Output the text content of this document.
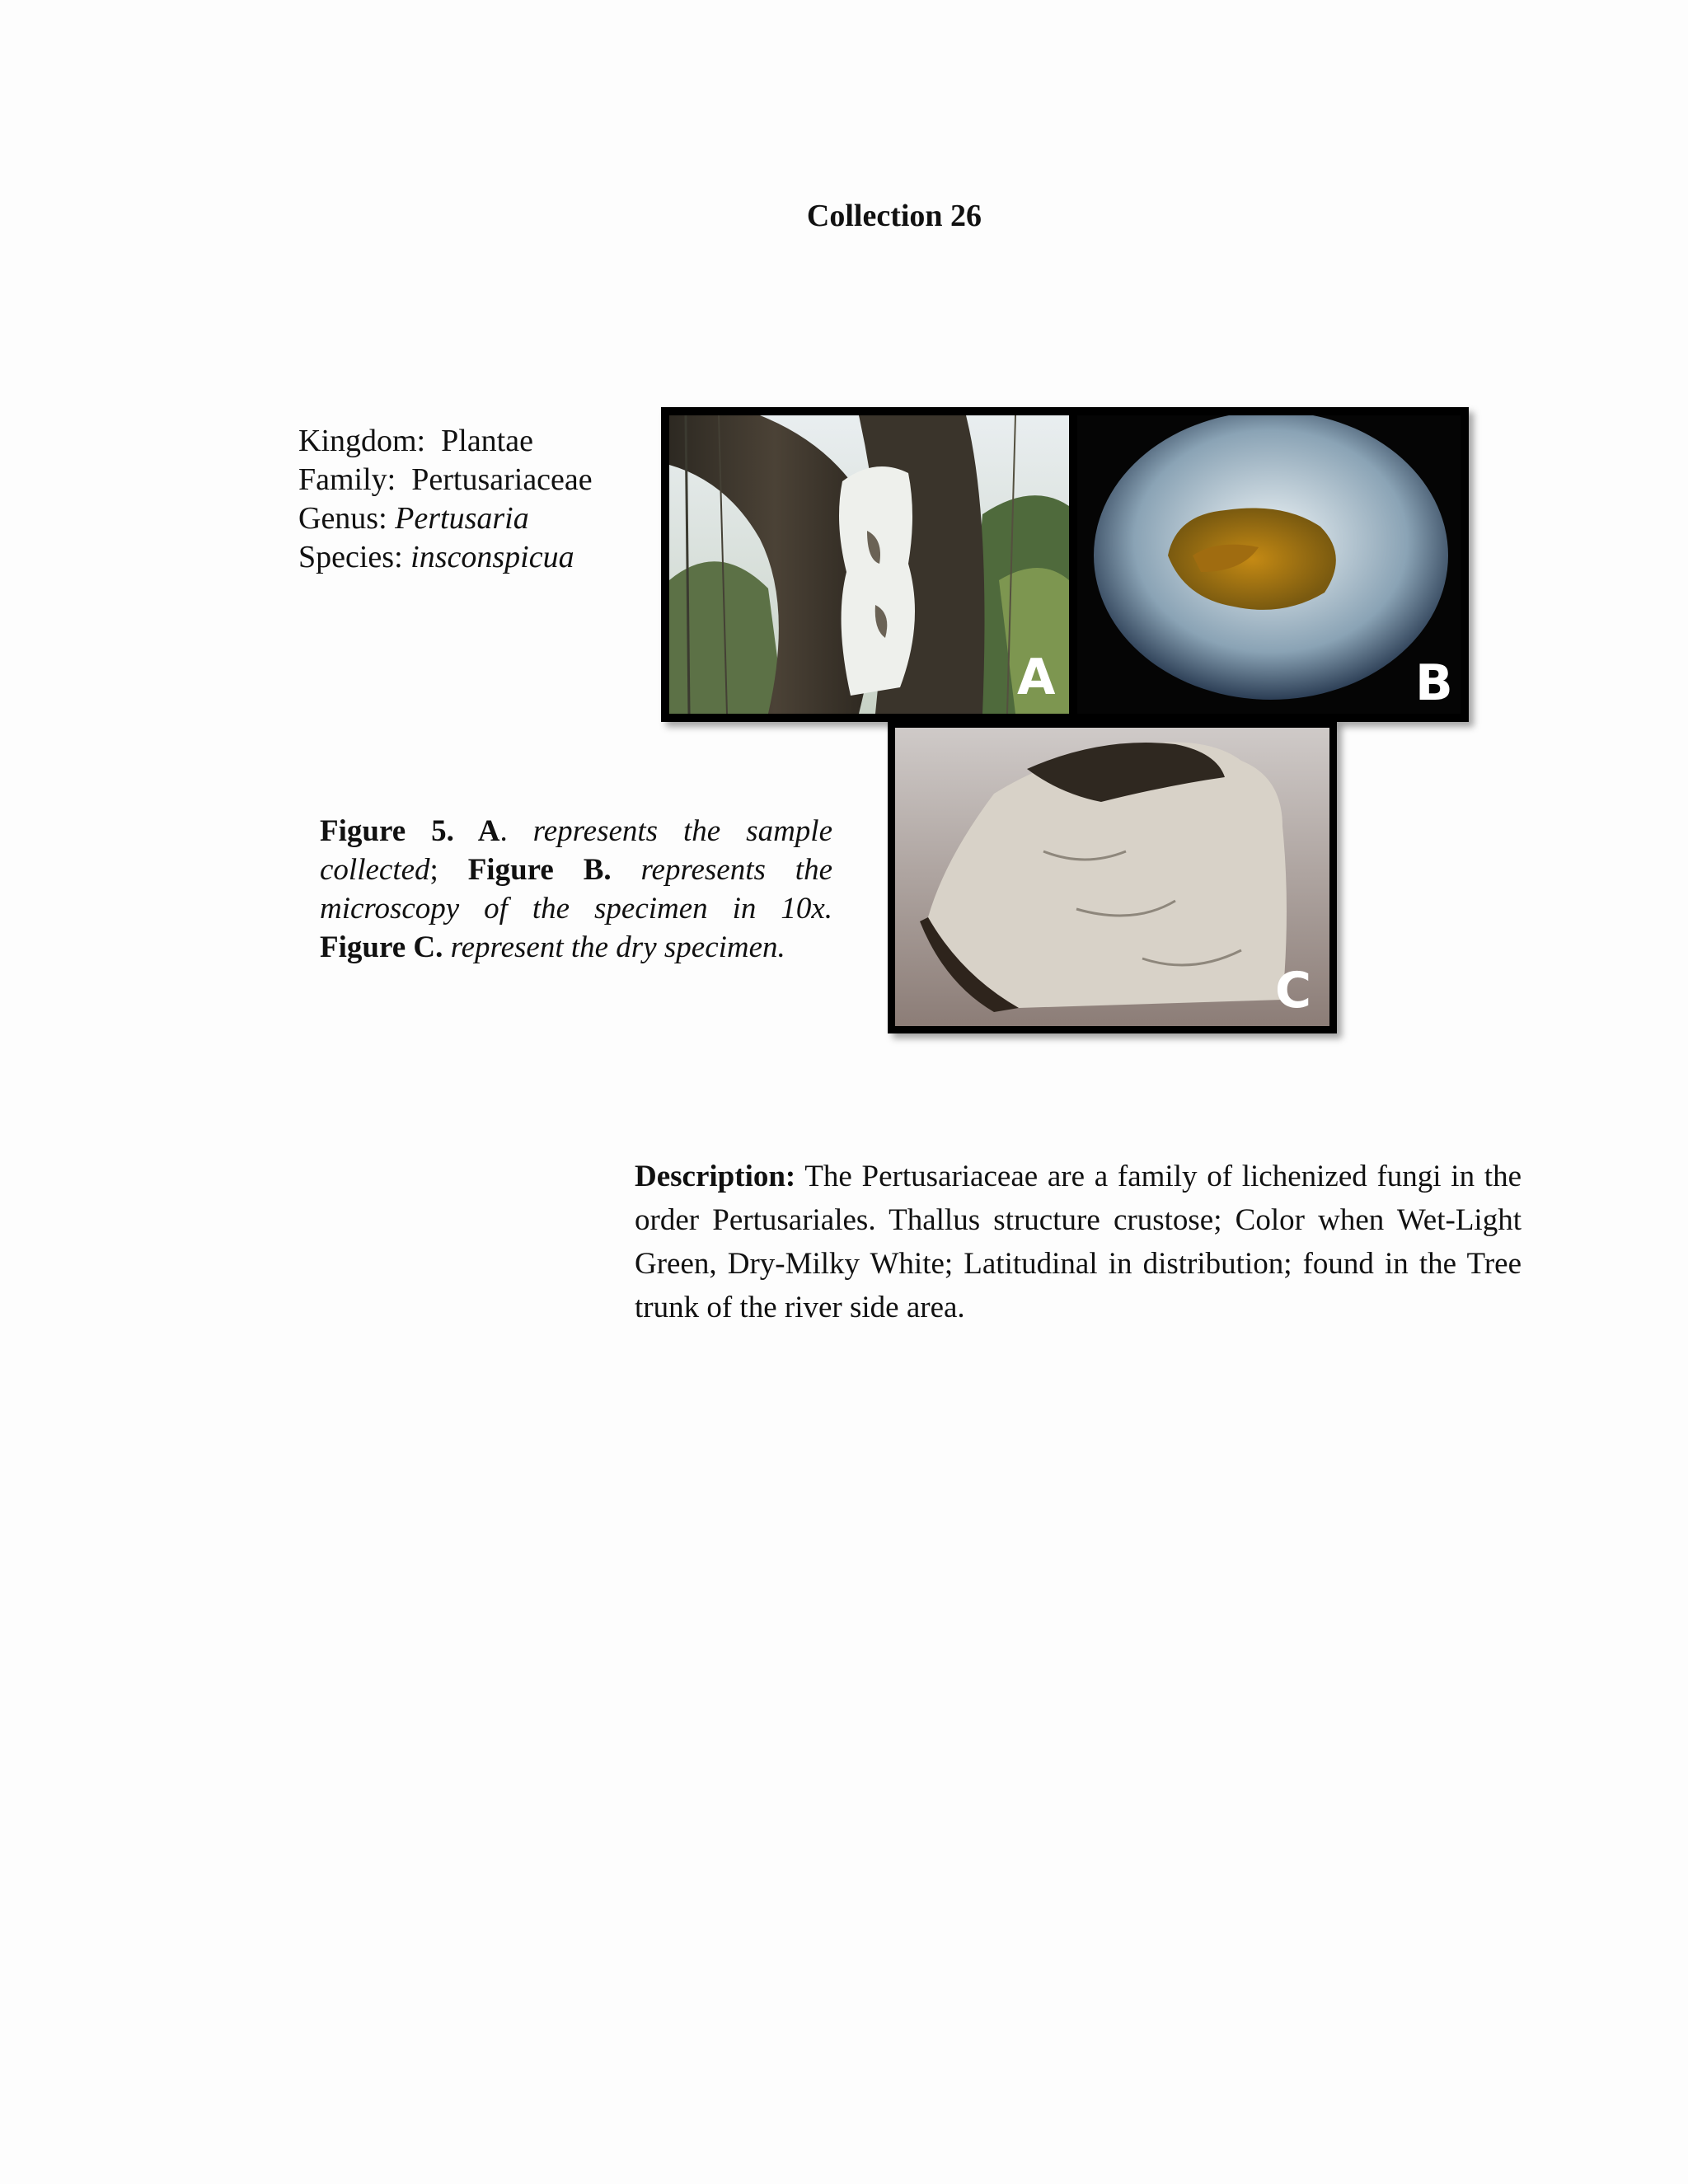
Collection 26
Kingdom: Plantae
Family: Pertusariaceae
Genus: Pertusaria
Species: insconspicua
A	B
C
Figure 5. A. represents the sample collected; Figure B. represents the microscopy of the specimen in 10x. Figure C. represent the dry specimen.
Description: The Pertusariaceae are a family of lichenized fungi in the order Pertusariales. Thallus structure crustose; Color when Wet-Light Green, Dry-Milky White; Latitudinal in distribution; found in the Tree trunk of the river side area.
